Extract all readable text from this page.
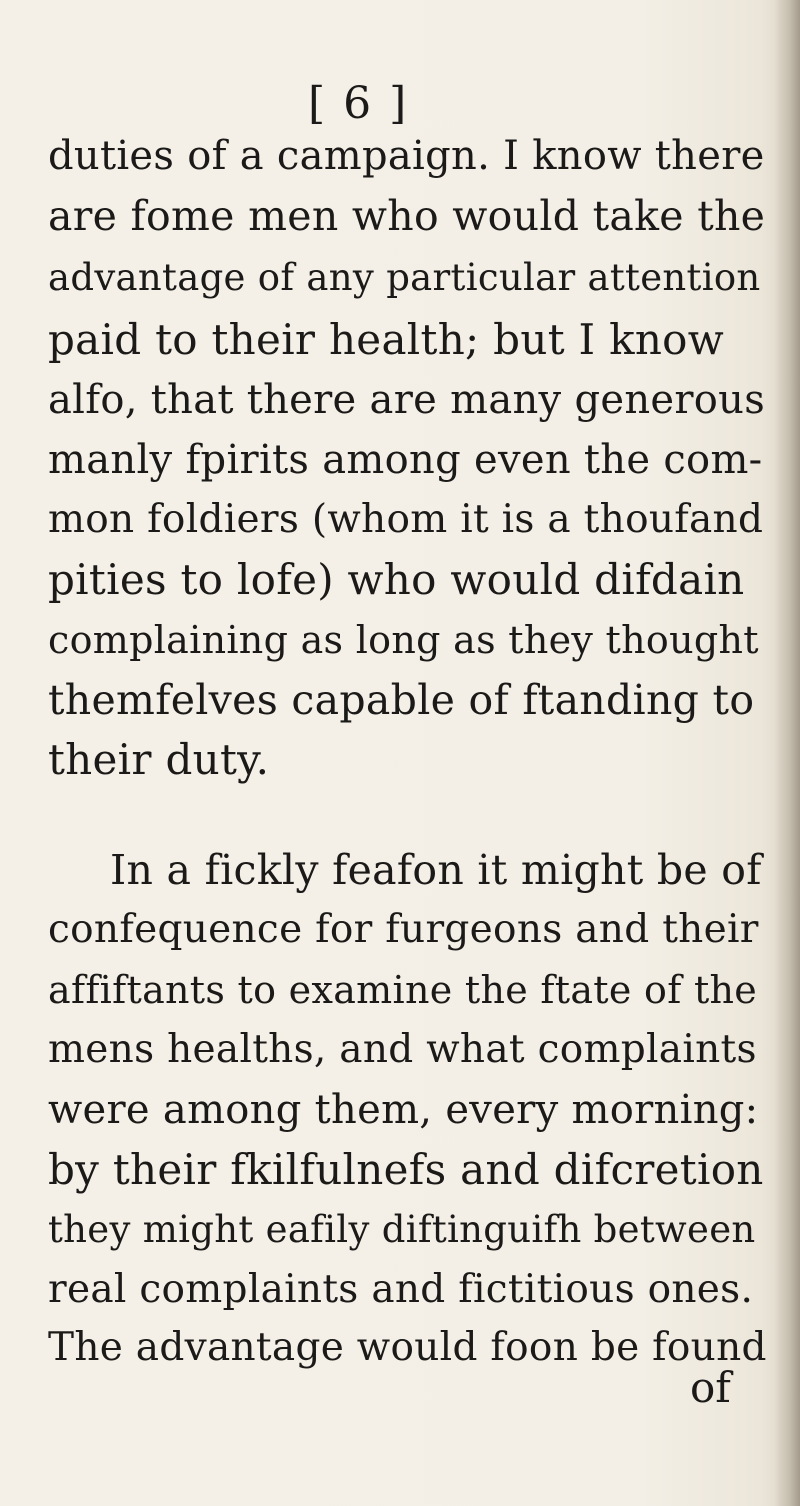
[ 6 ]
duties of a campaign. I know there
are fome men who would take the
advantage of any particular attention
paid to their health; but I know
alfo, that there are many generous
manly fpirits among even the com-
mon foldiers (whom it is a thoufand
pities to lofe) who would difdain
complaining as long as they thought
themfelves capable of ftanding to
their duty.
In a fickly feafon it might be of
confequence for furgeons and their
affiftants to examine the ftate of the
mens healths, and what complaints
were among them, every morning:
by their fkilfulnefs and difcretion
they might eafily diftinguifh between
real complaints and fictitious ones.
The advantage would foon be found
of
